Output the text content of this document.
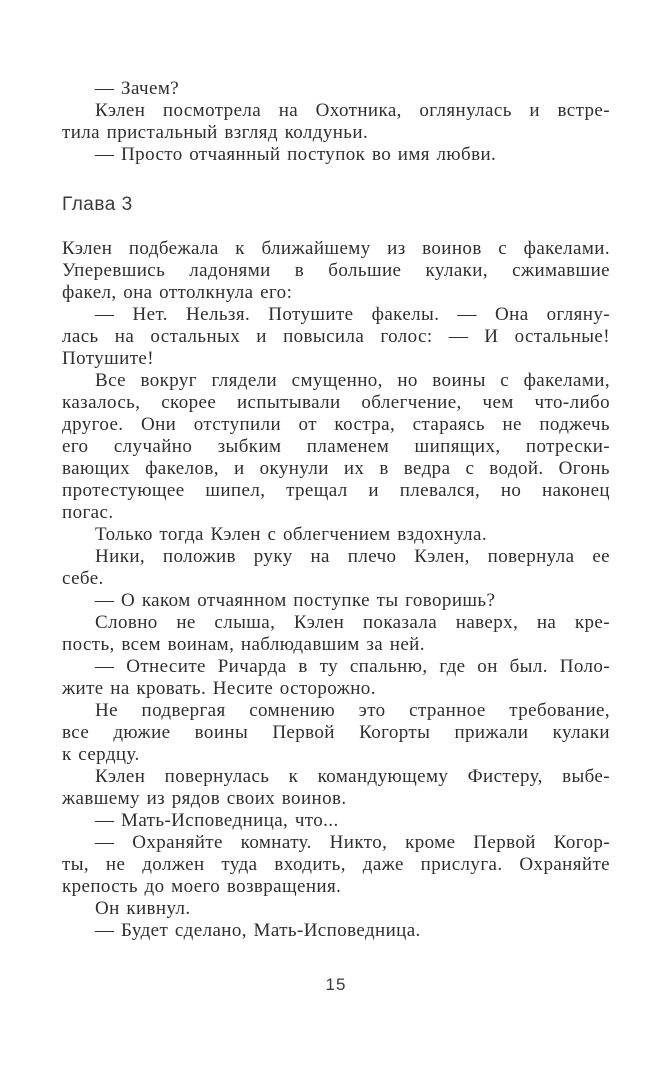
— Зачем?
Кэлен посмотрела на Охотника, оглянулась и встре-
тила пристальный взгляд колдуньи.
— Просто отчаянный поступок во имя любви.
Глава 3
Кэлен подбежала к ближайшему из воинов с факелами.
Уперевшись ладонями в большие кулаки, сжимавшие
факел, она оттолкнула его:
— Нет. Нельзя. Потушите факелы. — Она огляну-
лась на остальных и повысила голос: — И остальные!
Потушите!
Все вокруг глядели смущенно, но воины с факелами,
казалось, скорее испытывали облегчение, чем что-либо
другое. Они отступили от костра, стараясь не поджечь
его случайно зыбким пламенем шипящих, потрески-
вающих факелов, и окунули их в ведра с водой. Огонь
протестующее шипел, трещал и плевался, но наконец
погас.
Только тогда Кэлен с облегчением вздохнула.
Ники, положив руку на плечо Кэлен, повернула ее
себе.
— О каком отчаянном поступке ты говоришь?
Словно не слыша, Кэлен показала наверх, на кре-
пость, всем воинам, наблюдавшим за ней.
— Отнесите Ричарда в ту спальню, где он был. Поло-
жите на кровать. Несите осторожно.
Не подвергая сомнению это странное требование,
все дюжие воины Первой Когорты прижали кулаки
к сердцу.
Кэлен повернулась к командующему Фистеру, выбе-
жавшему из рядов своих воинов.
— Мать-Исповедница, что...
— Охраняйте комнату. Никто, кроме Первой Когор-
ты, не должен туда входить, даже прислуга. Охраняйте
крепость до моего возвращения.
Он кивнул.
— Будет сделано, Мать-Исповедница.
15
